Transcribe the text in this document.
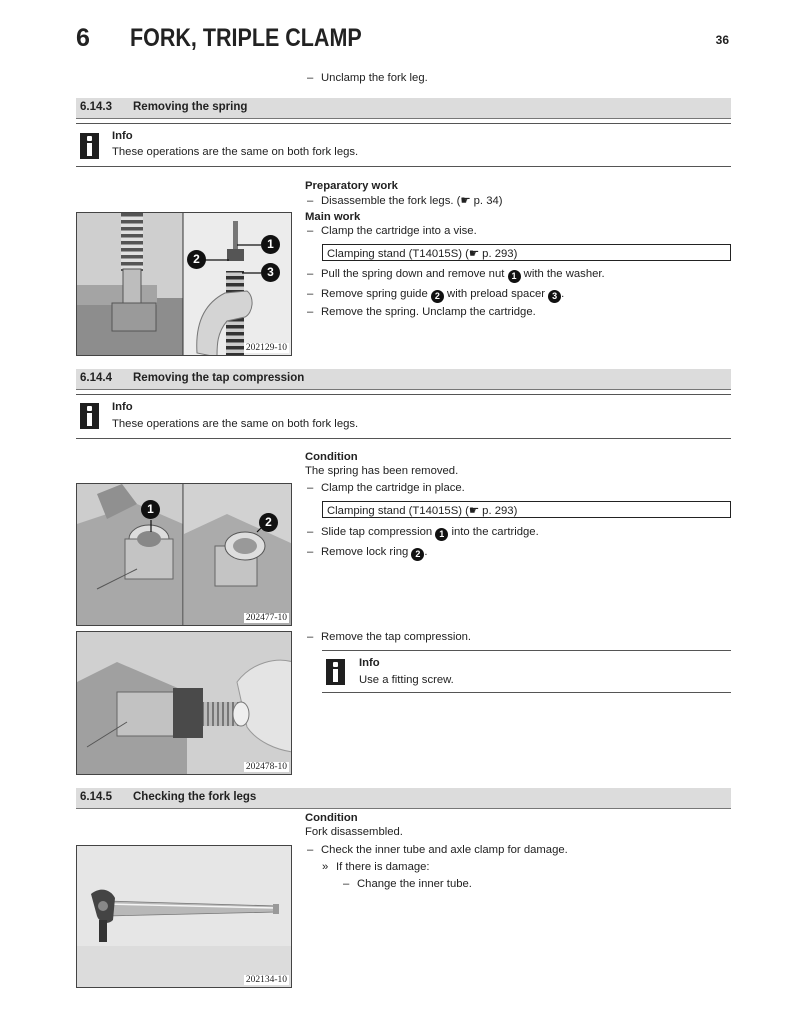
6 FORK, TRIPLE CLAMP	36
– Unclamp the fork leg.
6.14.3 Removing the spring
Info
These operations are the same on both fork legs.
1
2
3
202129-10
Preparatory work
– Disassemble the fork legs. (☛ p. 34)
Main work
– Clamp the cartridge into a vise.
Clamping stand (T14015S) (☛ p. 293)
– Pull the spring down and remove nut 1 with the washer.
– Remove spring guide 2 with preload spacer 3 .
– Remove the spring. Unclamp the cartridge.
6.14.4 Removing the tap compression
Info
These operations are the same on both fork legs.
1
2
202477-10
202478-10
Condition
The spring has been removed.
– Clamp the cartridge in place.
Clamping stand (T14015S) (☛ p. 293)
– Slide tap compression 1 into the cartridge.
– Remove lock ring 2 .
– Remove the tap compression.
Info
Use a fitting screw.
6.14.5 Checking the fork legs
Condition
Fork disassembled.
– Check the inner tube and axle clamp for damage.
» If there is damage:
– Change the inner tube.
202134-10
